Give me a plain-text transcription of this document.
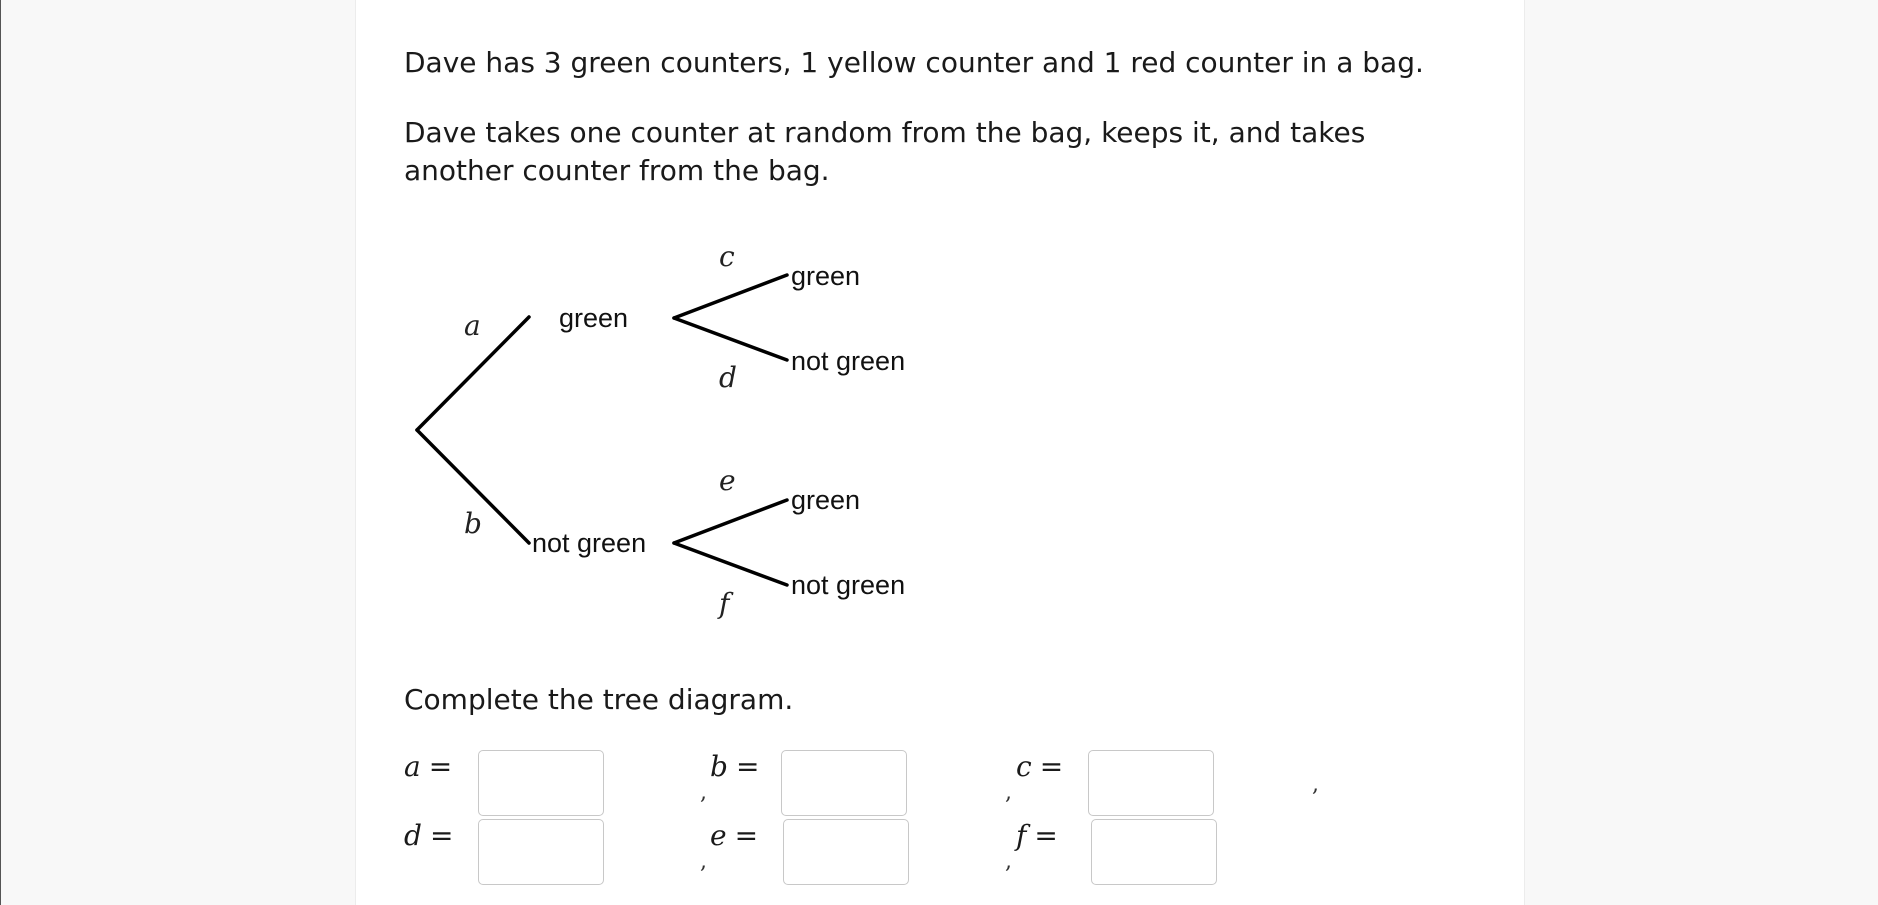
Dave has 3 green counters, 1 yellow counter and 1 red counter in a bag.

Dave takes one counter at random from the bag, keeps it, and takes another counter from the bag.

a
b
c
d
e
f
green
not green
green
not green
green
not green

Complete the tree diagram.

a =
,
b =
,
c =
,
d =
,
e =
,
f =
